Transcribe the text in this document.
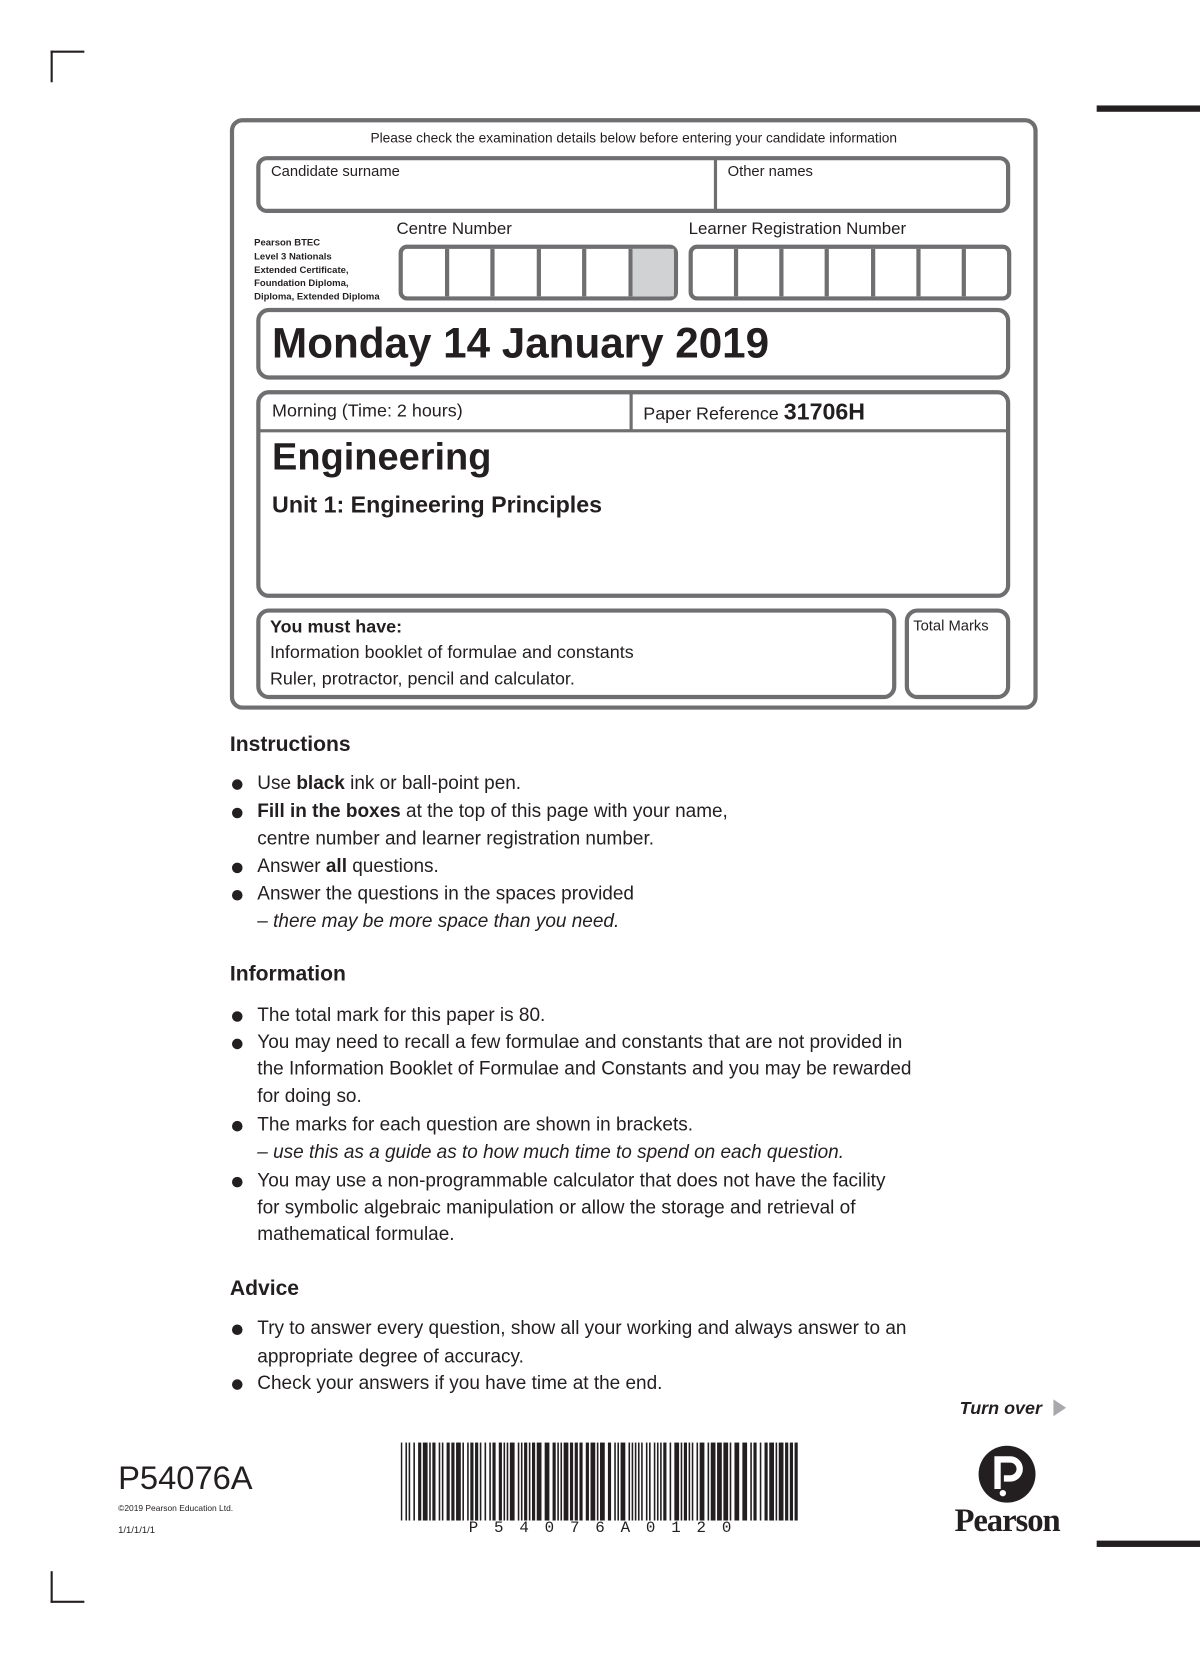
Please check the examination details below before entering your candidate information
Candidate surname	Other names
Pearson BTEC
Level 3 Nationals
Extended Certificate,
Foundation Diploma,
Diploma, Extended Diploma
Centre Number	Learner Registration Number
Monday 14 January 2019
Morning (Time: 2 hours)	Paper Reference 31706H
Engineering
Unit 1: Engineering Principles
You must have:
Information booklet of formulae and constants
Ruler, protractor, pencil and calculator.
Total Marks
Instructions
Use black ink or ball-point pen.
Fill in the boxes at the top of this page with your name,
centre number and learner registration number.
Answer all questions.
Answer the questions in the spaces provided
– there may be more space than you need.
Information
The total mark for this paper is 80.
You may need to recall a few formulae and constants that are not provided in
the Information Booklet of Formulae and Constants and you may be rewarded
for doing so.
The marks for each question are shown in brackets.
– use this as a guide as to how much time to spend on each question.
You may use a non-programmable calculator that does not have the facility
for symbolic algebraic manipulation or allow the storage and retrieval of
mathematical formulae.
Advice
Try to answer every question, show all your working and always answer to an
appropriate degree of accuracy.
Check your answers if you have time at the end.
Turn over
P54076A
©2019 Pearson Education Ltd.
1/1/1/1/1	P 5 4 0 7 6 A 0 1 2 0	Pearson
